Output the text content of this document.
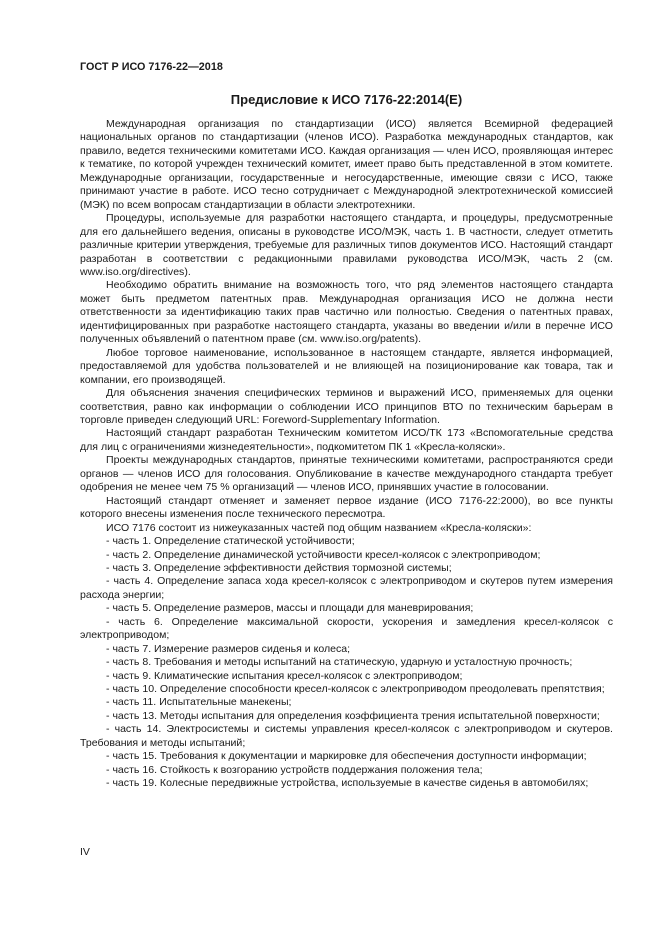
ГОСТ Р ИСО 7176-22—2018
Предисловие к ИСО 7176-22:2014(E)

Международная организация по стандартизации (ИСО) является Всемирной федерацией национальных органов по стандартизации (членов ИСО). Разработка международных стандартов, как правило, ведется техническими комитетами ИСО. Каждая организация — член ИСО, проявляющая интерес к тематике, по которой учрежден технический комитет, имеет право быть представленной в этом комитете. Международные организации, государственные и негосударственные, имеющие связи с ИСО, также принимают участие в работе. ИСО тесно сотрудничает с Международной электротехнической комиссией (МЭК) по всем вопросам стандартизации в области электротехники.

Процедуры, используемые для разработки настоящего стандарта, и процедуры, предусмотренные для его дальнейшего ведения, описаны в руководстве ИСО/МЭК, часть 1. В частности, следует отметить различные критерии утверждения, требуемые для различных типов документов ИСО. Настоящий стандарт разработан в соответствии с редакционными правилами руководства ИСО/МЭК, часть 2 (см. www.iso.org/directives).

Необходимо обратить внимание на возможность того, что ряд элементов настоящего стандарта может быть предметом патентных прав. Международная организация ИСО не должна нести ответственности за идентификацию таких прав частично или полностью. Сведения о патентных правах, идентифицированных при разработке настоящего стандарта, указаны во введении и/или в перечне ИСО полученных объявлений о патентном праве (см. www.iso.org/patents).

Любое торговое наименование, использованное в настоящем стандарте, является информацией, предоставляемой для удобства пользователей и не влияющей на позиционирование как товара, так и компании, его производящей.

Для объяснения значения специфических терминов и выражений ИСО, применяемых для оценки соответствия, равно как информации о соблюдении ИСО принципов ВТО по техническим барьерам в торговле приведен следующий URL: Foreword-Supplementary Information.

Настоящий стандарт разработан Техническим комитетом ИСО/ТК 173 «Вспомогательные средства для лиц с ограничениями жизнедеятельности», подкомитетом ПК 1 «Кресла-коляски».

Проекты международных стандартов, принятые техническими комитетами, распространяются среди органов — членов ИСО для голосования. Опубликование в качестве международного стандарта требует одобрения не менее чем 75 % организаций — членов ИСО, принявших участие в голосовании.

Настоящий стандарт отменяет и заменяет первое издание (ИСО 7176-22:2000), во все пункты которого внесены изменения после технического пересмотра.

ИСО 7176 состоит из нижеуказанных частей под общим названием «Кресла-коляски»:

- часть 1. Определение статической устойчивости;

- часть 2. Определение динамической устойчивости кресел-колясок с электроприводом;

- часть 3. Определение эффективности действия тормозной системы;

- часть 4. Определение запаса хода кресел-колясок с электроприводом и скутеров путем измерения расхода энергии;

- часть 5. Определение размеров, массы и площади для маневрирования;

- часть 6. Определение максимальной скорости, ускорения и замедления кресел-колясок с электроприводом;

- часть 7. Измерение размеров сиденья и колеса;

- часть 8. Требования и методы испытаний на статическую, ударную и усталостную прочность;

- часть 9. Климатические испытания кресел-колясок с электроприводом;

- часть 10. Определение способности кресел-колясок с электроприводом преодолевать препятствия;

- часть 11. Испытательные манекены;

- часть 13. Методы испытания для определения коэффициента трения испытательной поверхности;

- часть 14. Электросистемы и системы управления кресел-колясок с электроприводом и скутеров. Требования и методы испытаний;

- часть 15. Требования к документации и маркировке для обеспечения доступности информации;

- часть 16. Стойкость к возгоранию устройств поддержания положения тела;

- часть 19. Колесные передвижные устройства, используемые в качестве сиденья в автомобилях;

IV
